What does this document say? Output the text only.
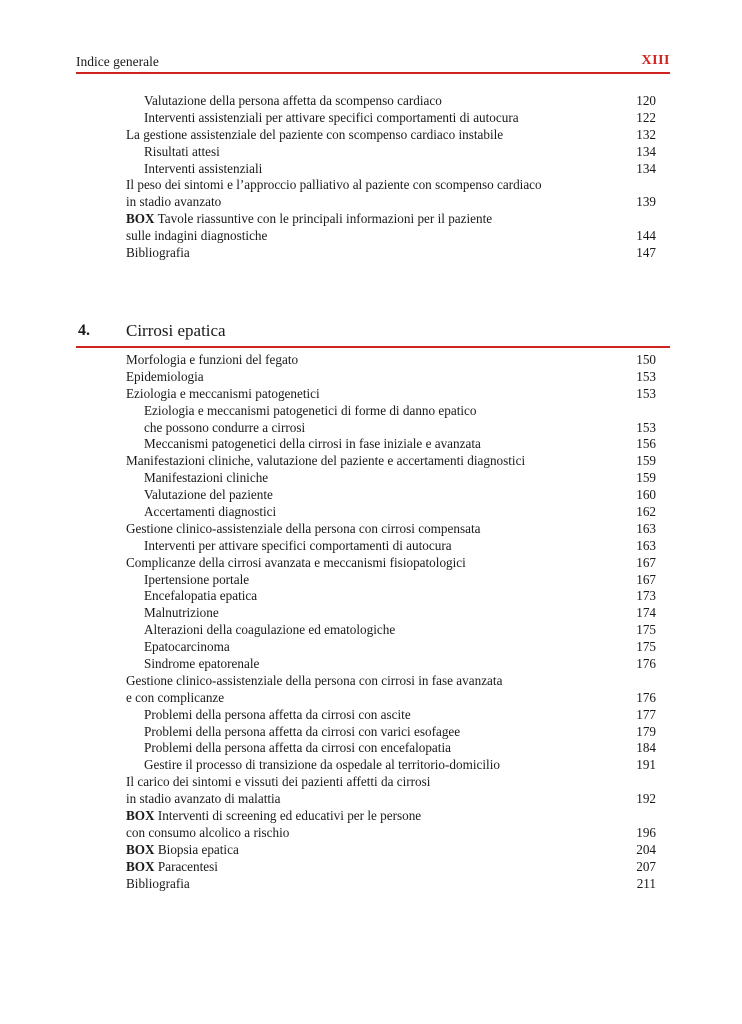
Indice generale	XIII
Valutazione della persona affetta da scompenso cardiaco	120
Interventi assistenziali per attivare specifici comportamenti di autocura	122
La gestione assistenziale del paziente con scompenso cardiaco instabile	132
Risultati attesi	134
Interventi assistenziali	134
Il peso dei sintomi e l’approccio palliativo al paziente con scompenso cardiaco
in stadio avanzato	139
BOX Tavole riassuntive con le principali informazioni per il paziente
sulle indagini diagnostiche	144
Bibliografia	147
4. Cirrosi epatica
Morfologia e funzioni del fegato	150
Epidemiologia	153
Eziologia e meccanismi patogenetici	153
Eziologia e meccanismi patogenetici di forme di danno epatico
che possono condurre a cirrosi	153
Meccanismi patogenetici della cirrosi in fase iniziale e avanzata	156
Manifestazioni cliniche, valutazione del paziente e accertamenti diagnostici	159
Manifestazioni cliniche	159
Valutazione del paziente	160
Accertamenti diagnostici	162
Gestione clinico-assistenziale della persona con cirrosi compensata	163
Interventi per attivare specifici comportamenti di autocura	163
Complicanze della cirrosi avanzata e meccanismi fisiopatologici	167
Ipertensione portale	167
Encefalopatia epatica	173
Malnutrizione	174
Alterazioni della coagulazione ed ematologiche	175
Epatocarcinoma	175
Sindrome epatorenale	176
Gestione clinico-assistenziale della persona con cirrosi in fase avanzata
e con complicanze	176
Problemi della persona affetta da cirrosi con ascite	177
Problemi della persona affetta da cirrosi con varici esofagee	179
Problemi della persona affetta da cirrosi con encefalopatia	184
Gestire il processo di transizione da ospedale al territorio-domicilio	191
Il carico dei sintomi e vissuti dei pazienti affetti da cirrosi
in stadio avanzato di malattia	192
BOX Interventi di screening ed educativi per le persone
con consumo alcolico a rischio	196
BOX Biopsia epatica	204
BOX Paracentesi	207
Bibliografia	211
